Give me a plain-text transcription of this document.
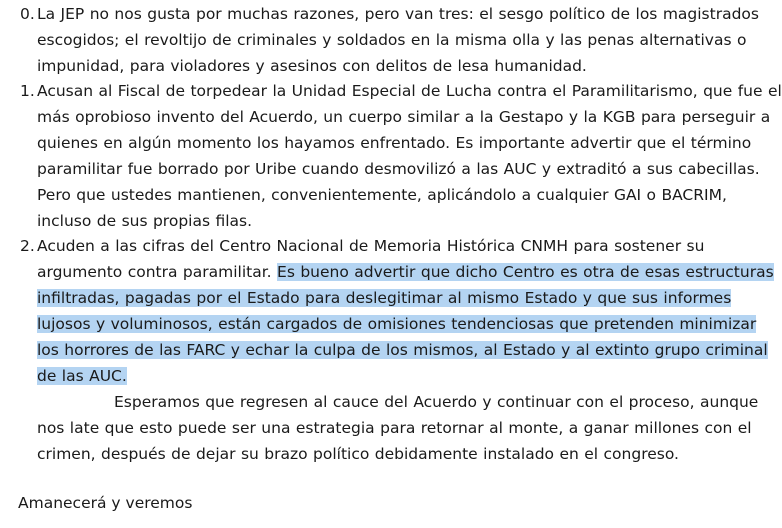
0. La JEP no nos gusta por muchas razones, pero van tres: el sesgo político de los magistrados
escogidos; el revoltijo de criminales y soldados en la misma olla y las penas alternativas o
impunidad, para violadores y asesinos con delitos de lesa humanidad.
1. Acusan al Fiscal de torpedear la Unidad Especial de Lucha contra el Paramilitarismo, que fue el
más oprobioso invento del Acuerdo, un cuerpo similar a la Gestapo y la KGB para perseguir a
quienes en algún momento los hayamos enfrentado. Es importante advertir que el término
paramilitar fue borrado por Uribe cuando desmovilizó a las AUC y extraditó a sus cabecillas.
Pero que ustedes mantienen, convenientemente, aplicándolo a cualquier GAI o BACRIM,
incluso de sus propias filas.
2. Acuden a las cifras del Centro Nacional de Memoria Histórica CNMH para sostener su
argumento contra paramilitar. Es bueno advertir que dicho Centro es otra de esas estructuras
infiltradas, pagadas por el Estado para deslegitimar al mismo Estado y que sus informes
lujosos y voluminosos, están cargados de omisiones tendenciosas que pretenden minimizar
los horrores de las FARC y echar la culpa de los mismos, al Estado y al extinto grupo criminal
de las AUC.
Esperamos que regresen al cauce del Acuerdo y continuar con el proceso, aunque
nos late que esto puede ser una estrategia para retornar al monte, a ganar millones con el
crimen, después de dejar su brazo político debidamente instalado en el congreso.
Amanecerá y veremos
